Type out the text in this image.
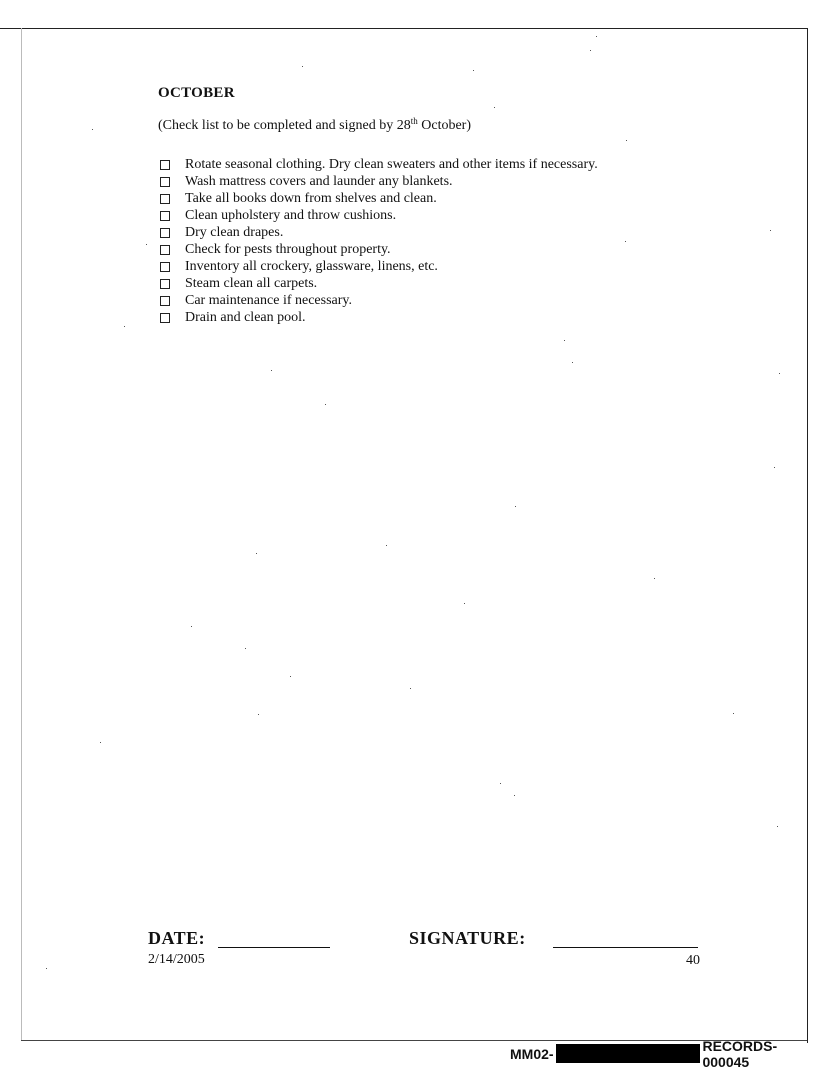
OCTOBER
(Check list to be completed and signed by 28th October)
Rotate seasonal clothing. Dry clean sweaters and other items if necessary.
Wash mattress covers and launder any blankets.
Take all books down from shelves and clean.
Clean upholstery and throw cushions.
Dry clean drapes.
Check for pests throughout property.
Inventory all crockery, glassware, linens, etc.
Steam clean all carpets.
Car maintenance if necessary.
Drain and clean pool.
DATE:	SIGNATURE:
2/14/2005	40
MM02-	RECORDS-000045
